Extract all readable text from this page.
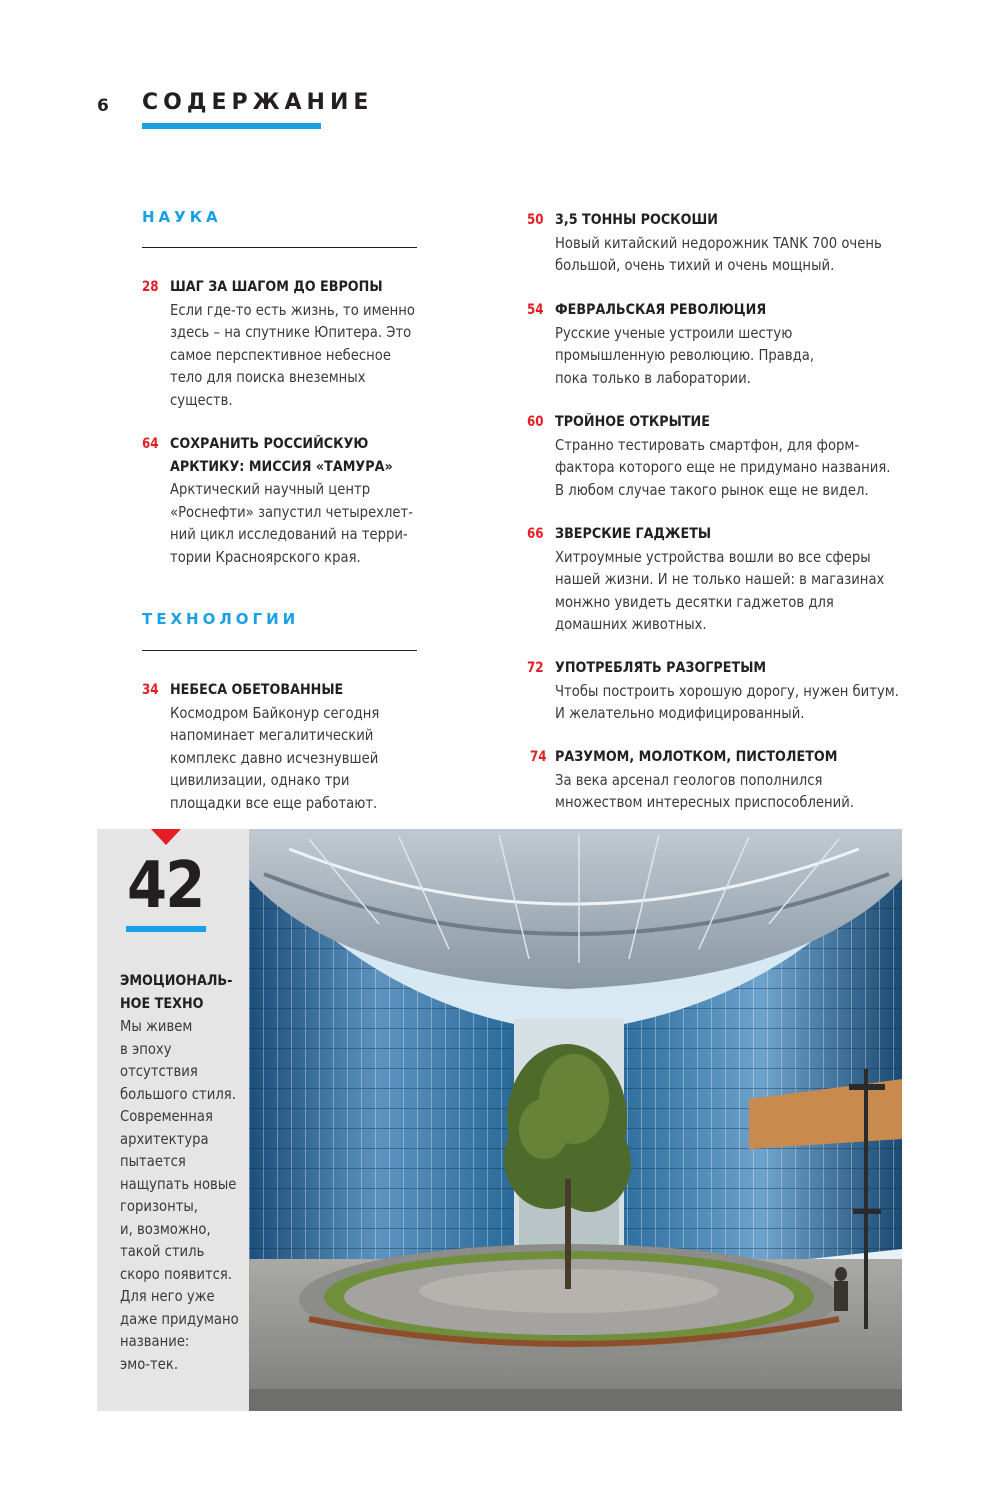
6 СОДЕРЖАНИЕ
НАУКА
ТЕХНОЛОГИИ
28 ШАГ ЗА ШАГОМ ДО ЕВРОПЫ
Если где-то есть жизнь, то именно
здесь – на спутнике Юпитера. Это
самое перспективное небесное
тело для поиска внеземных
существ.
64 СОХРАНИТЬ РОССИЙСКУЮ
АРКТИКУ: МИССИЯ «ТАМУРА»
Арктический научный центр
«Роснефти» запустил четырехлет-
ний цикл исследований на терри-
тории Красноярского края.
34 НЕБЕСА ОБЕТОВАННЫЕ
Космодром Байконур сегодня
напоминает мегалитический
комплекс давно исчезнувшей
цивилизации, однако три
площадки все еще работают.
50 3,5 ТОННЫ РОСКОШИ
Новый китайский недорожник TANK 700 очень
большой, очень тихий и очень мощный.
54 ФЕВРАЛЬСКАЯ РЕВОЛЮЦИЯ
Русские ученые устроили шестую
промышленную революцию. Правда,
пока только в лаборатории.
60 ТРОЙНОЕ ОТКРЫТИЕ
Странно тестировать смартфон, для форм-
фактора которого еще не придумано названия.
В любом случае такого рынок еще не видел.
66 ЗВЕРСКИЕ ГАДЖЕТЫ
Хитроумные устройства вошли во все сферы
нашей жизни. И не только нашей: в магазинах
монжно увидеть десятки гаджетов для
домашних животных.
72 УПОТРЕБЛЯТЬ РАЗОГРЕТЫМ
Чтобы построить хорошую дорогу, нужен битум.
И желательно модифицированный.
74 РАЗУМОМ, МОЛОТКОМ, ПИСТОЛЕТОМ
За века арсенал геологов пополнился
множеством интересных приспособлений.
42
ЭМОЦИОНАЛЬ-
НОЕ ТЕХНО
Мы живем
в эпоху
отсутствия
большого стиля.
Современная
архитектура
пытается
нащупать новые
горизонты,
и, возможно,
такой стиль
скоро появится.
Для него уже
даже придумано
название:
эмо-тек.
